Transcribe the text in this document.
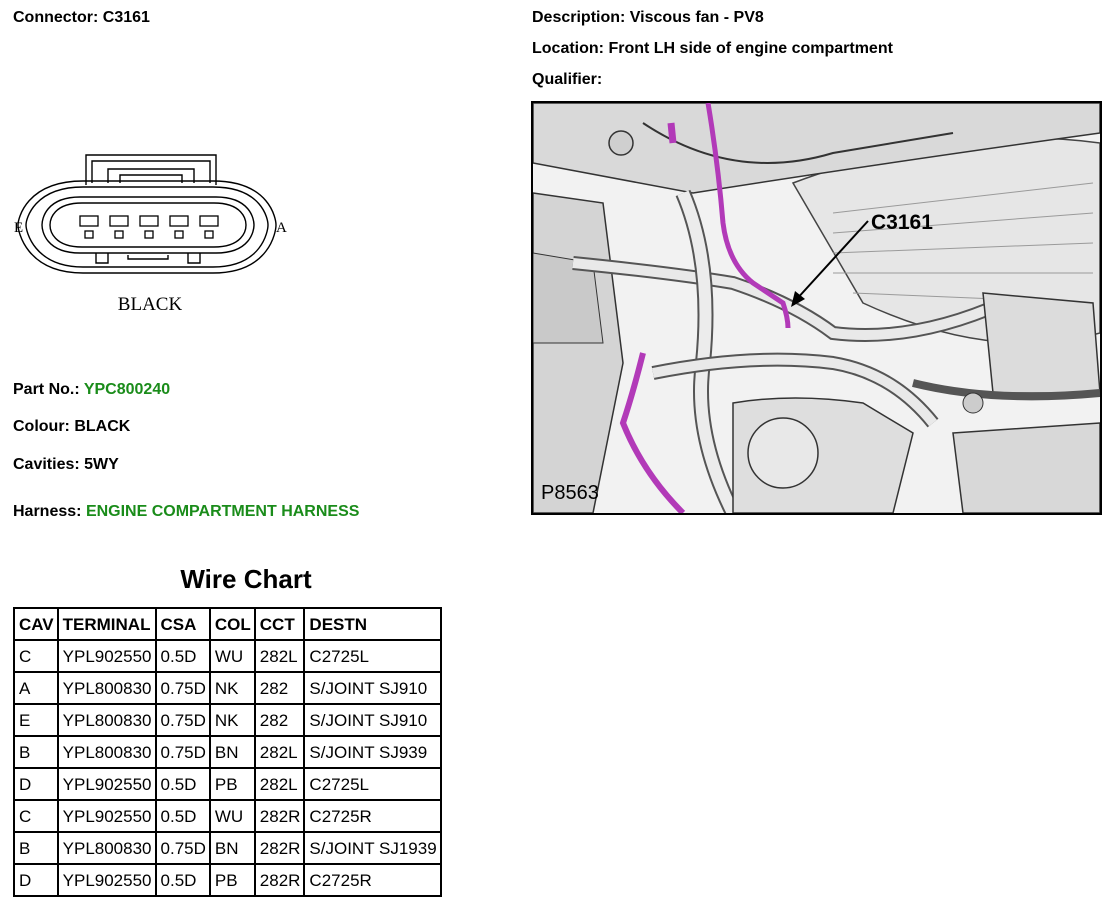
Connector: C3161	Description: Viscous fan - PV8
Location: Front LH side of engine compartment
Qualifier:
E	A
BLACK
C3161
P8563
Part No.: YPC800240
Colour: BLACK
Cavities: 5WY
Harness: ENGINE COMPARTMENT HARNESS
Wire Chart
CAV	TERMINAL	CSA	COL	CCT	DESTN
C	YPL902550	0.5D	WU	282L	C2725L
A	YPL800830	0.75D	NK	282	S/JOINT SJ910
E	YPL800830	0.75D	NK	282	S/JOINT SJ910
B	YPL800830	0.75D	BN	282L	S/JOINT SJ939
D	YPL902550	0.5D	PB	282L	C2725L
C	YPL902550	0.5D	WU	282R	C2725R
B	YPL800830	0.75D	BN	282R	S/JOINT SJ1939
D	YPL902550	0.5D	PB	282R	C2725R
